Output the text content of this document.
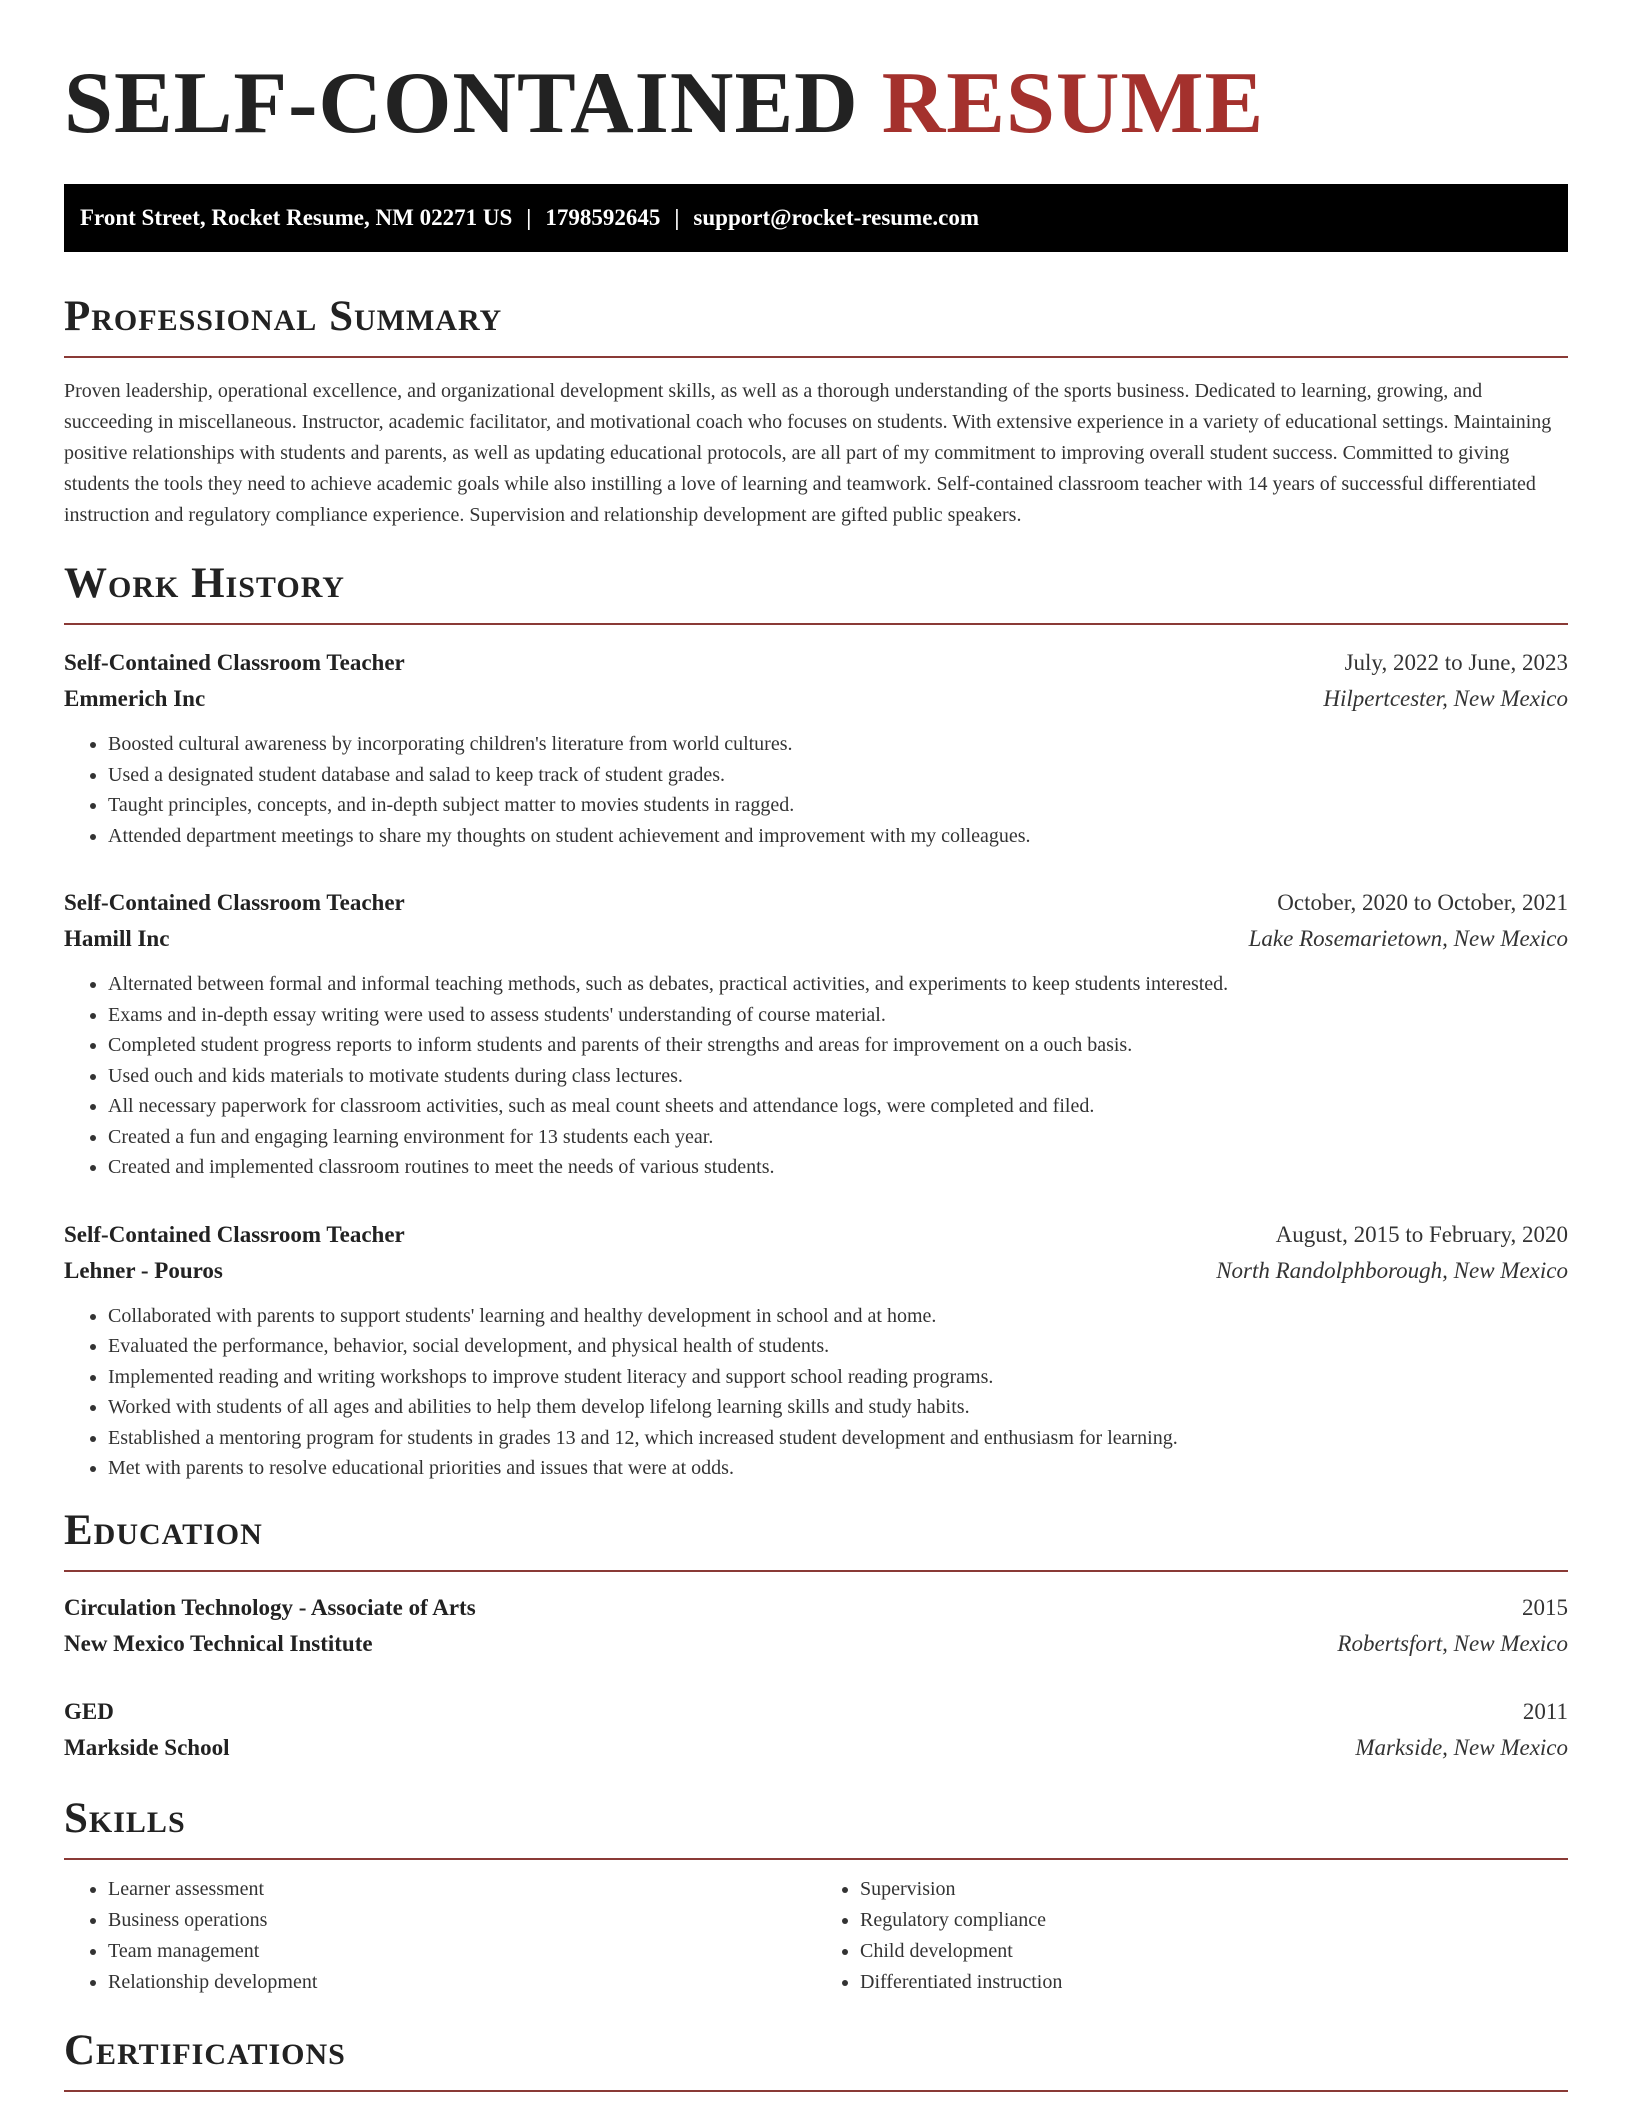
SELF-CONTAINED RESUME
Front Street, Rocket Resume, NM 02271 US | 1798592645 | support@rocket-resume.com
Professional Summary

Proven leadership, operational excellence, and organizational development skills, as well as a thorough understanding of the sports business. Dedicated to learning, growing, and succeeding in miscellaneous. Instructor, academic facilitator, and motivational coach who focuses on students. With extensive experience in a variety of educational settings. Maintaining positive relationships with students and parents, as well as updating educational protocols, are all part of my commitment to improving overall student success. Committed to giving students the tools they need to achieve academic goals while also instilling a love of learning and teamwork. Self-contained classroom teacher with 14 years of successful differentiated instruction and regulatory compliance experience. Supervision and relationship development are gifted public speakers.

Work History
Self-Contained Classroom Teacher	July, 2022 to June, 2023
Emmerich Inc	Hilpertcester, New Mexico
• Boosted cultural awareness by incorporating children's literature from world cultures.
• Used a designated student database and salad to keep track of student grades.
• Taught principles, concepts, and in-depth subject matter to movies students in ragged.
• Attended department meetings to share my thoughts on student achievement and improvement with my colleagues.
Self-Contained Classroom Teacher	October, 2020 to October, 2021
Hamill Inc	Lake Rosemarietown, New Mexico
• Alternated between formal and informal teaching methods, such as debates, practical activities, and experiments to keep students interested.
• Exams and in-depth essay writing were used to assess students' understanding of course material.
• Completed student progress reports to inform students and parents of their strengths and areas for improvement on a ouch basis.
• Used ouch and kids materials to motivate students during class lectures.
• All necessary paperwork for classroom activities, such as meal count sheets and attendance logs, were completed and filed.
• Created a fun and engaging learning environment for 13 students each year.
• Created and implemented classroom routines to meet the needs of various students.
Self-Contained Classroom Teacher	August, 2015 to February, 2020
Lehner - Pouros	North Randolphborough, New Mexico
• Collaborated with parents to support students' learning and healthy development in school and at home.
• Evaluated the performance, behavior, social development, and physical health of students.
• Implemented reading and writing workshops to improve student literacy and support school reading programs.
• Worked with students of all ages and abilities to help them develop lifelong learning skills and study habits.
• Established a mentoring program for students in grades 13 and 12, which increased student development and enthusiasm for learning.
• Met with parents to resolve educational priorities and issues that were at odds.
Education
Circulation Technology - Associate of Arts	2015
New Mexico Technical Institute	Robertsfort, New Mexico
GED	2011
Markside School	Markside, New Mexico
Skills
• Learner assessment
• Business operations
• Team management
• Relationship development
• Supervision
• Regulatory compliance
• Child development
• Differentiated instruction
Certifications
